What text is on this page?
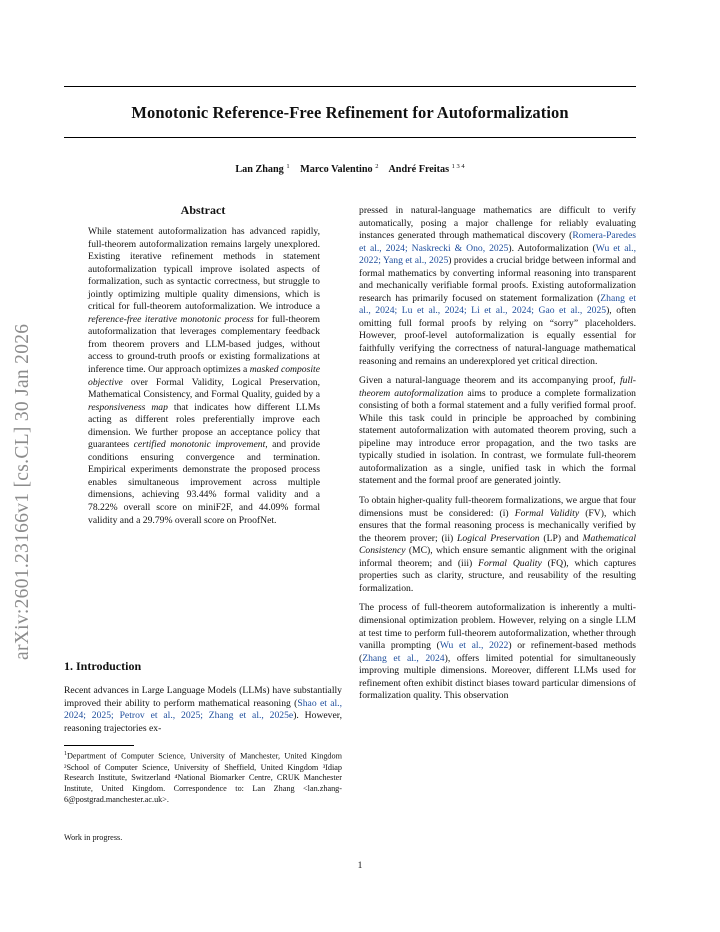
Monotonic Reference-Free Refinement for Autoformalization
Lan Zhang $^1$ Marco Valentino $^2$ André Freitas $^{1 3 4}$
arXiv:2601.23166v1 [cs.CL] 30 Jan 2026
Abstract

While statement autoformalization has advanced rapidly, full-theorem autoformalization remains largely unexplored. Existing iterative refinement methods in statement autoformalization typicall improve isolated aspects of formalization, such as syntactic correctness, but struggle to jointly optimizing multiple quality dimensions, which is critical for full-theorem autoformalization. We introduce a reference-free iterative monotonic process for full-theorem autoformalization that leverages complementary feedback from theorem provers and LLM-based judges, without access to ground-truth proofs or existing formalizations at inference time. Our approach optimizes a masked composite objective over Formal Validity, Logical Preservation, Mathematical Consistency, and Formal Quality, guided by a responsiveness map that indicates how different LLMs acting as different roles preferentially improve each dimension. We further propose an acceptance policy that guarantees certified monotonic improvement, and provide conditions ensuring convergence and termination. Empirical experiments demonstrate the proposed process enables simultaneous improvement across multiple dimensions, achieving 93.44% formal validity and a 78.22% overall score on miniF2F, and 44.09% formal validity and a 29.79% overall score on ProofNet.

1. Introduction

Recent advances in Large Language Models (LLMs) have substantially improved their ability to perform mathematical reasoning (Shao et al., 2024; 2025; Petrov et al., 2025; Zhang et al., 2025e). However, reasoning trajectories ex-

$^1$Department of Computer Science, University of Manchester, United Kingdom ²School of Computer Science, University of Sheffield, United Kingdom ³Idiap Research Institute, Switzerland ⁴National Biomarker Centre, CRUK Manchester Institute, United Kingdom. Correspondence to: Lan Zhang <lan.zhang-6@postgrad.manchester.ac.uk>.

Work in progress.

pressed in natural-language mathematics are difficult to verify automatically, posing a major challenge for reliably evaluating instances generated through mathematical discovery (Romera-Paredes et al., 2024; Naskrecki & Ono, 2025). Autoformalization (Wu et al., 2022; Yang et al., 2025) provides a crucial bridge between informal and formal mathematics by converting informal reasoning into transparent and mechanically verifiable formal proofs. Existing autoformalization research has primarily focused on statement formalization (Zhang et al., 2024; Lu et al., 2024; Li et al., 2024; Gao et al., 2025), often omitting full formal proofs by relying on “sorry” placeholders. However, proof-level autoformalization is equally essential for faithfully verifying the correctness of natural-language mathematical reasoning and remains an underexplored yet critical direction.

Given a natural-language theorem and its accompanying proof, full-theorem autoformalization aims to produce a complete formalization consisting of both a formal statement and a fully verified formal proof. While this task could in principle be approached by combining statement autoformalization with automated theorem proving, such a pipeline may introduce error propagation, and the two tasks are typically studied in isolation. In contrast, we formulate full-theorem autoformalization as a single, unified task in which the formal statement and the formal proof are generated jointly.

To obtain higher-quality full-theorem formalizations, we argue that four dimensions must be considered: (i) Formal Validity (FV), which ensures that the formal reasoning process is mechanically verified by the theorem prover; (ii) Logical Preservation (LP) and Mathematical Consistency (MC), which ensure semantic alignment with the original informal theorem; and (iii) Formal Quality (FQ), which captures properties such as clarity, structure, and reusability of the resulting formalization.

The process of full-theorem autoformalization is inherently a multi-dimensional optimization problem. However, relying on a single LLM at test time to perform full-theorem autoformalization, whether through vanilla prompting (Wu et al., 2022) or refinement-based methods (Zhang et al., 2024), offers limited potential for simultaneously improving multiple dimensions. Moreover, different LLMs used for refinement often exhibit distinct biases toward particular dimensions of formalization quality. This observation

1
